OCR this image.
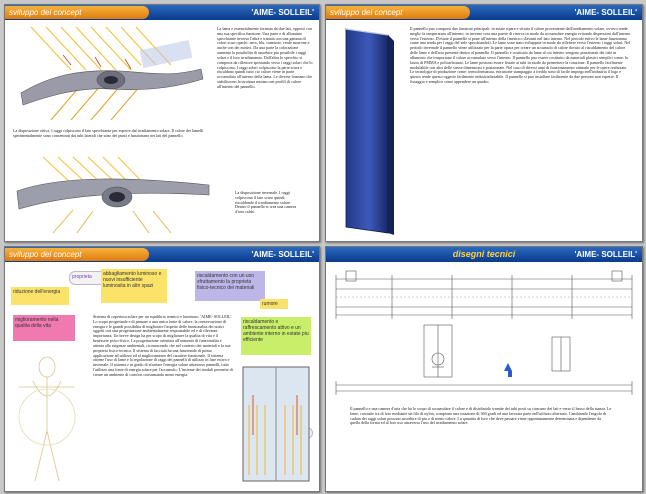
sviluppo dei concept	'AIME- SOLLEIL'
La disposizione ottiva. I raggi colpiscono il lato specchiante per esporre dal irradiamento solare. Il calore dei lamelli sperimentalmente sono concentrati dai tubi laterali che sono dei punti e funzionano nei lati del pannello.
La lama e essenzialmente formata da due lati, opposti con una sua specifica funzione. Una parte e di alluminio specchiante inverso l'altra e trattata con una gamma di colori scuri opachi: nero, blu, carminio, verde marrone e anche con dei motivi. Da una parte la colorazione aumenta la possibilita di assorbire piu possibile i raggi solari e il loro irradiamento. Dall'altra lo specchio si comporta da riflettore spostando verso i raggi solari che lo colpiscono. I raggi solari colpiscono la parte scura e riscaldano quindi tutto cio calore viene in parte accumulato all'interno della lama. Le diverse formano che stabiliscono la struttura mutano nei profili di calore all'interno del pannello.
La disposizione invernale. I raggi colpiscono il lato scuro quindi riscaldando il irradiamento solare. Dentro il pannello si crea una camera d'aria calda.
sviluppo dei concept	'AIME- SOLLEIL'
Il pannello puo comporsi due funzioni principali: in estate ripara e sfrutta il calore proveniente dall'irradiamento solare, ovvero rende meglio la temperatura all'interno; in inverno crea una parete di riserva in modo da accumulare energia evitando dispersioni dall'interno verso l'esterno. D'estate il pannello si pone all'interno della finestra o d'avanti nel lato interno. Nel periodo estivo le lame funzionano come una tenda per i raggi del sole specchiandoli. Le lame sono stato sviluppate in modo da riflettere verso l'esterno i raggi solari. Nel periodo invernale il pannello viene utilizzato per la parte opaca per creare un accumulo di calore dovuto al riscaldamento del calore delle lame e dell'aria presente dentro al pannello. Il pannello e costituito da lame al cui interno vengono posizionati dei tubi in alluminio che trasportano il calore accumulato verso l'interno. Il pannello puo essere costituito da materiali plastici semplici come: la lastra di PMMA e policarbonato. Le lame possono essere fissate ai tubi in modo da permettere la rotazione. Il pannello facilmente modulabile con altri delle stesse dimensioni e posizionate. Nel caso di diversi anni di funzionamento ottimale per le opere realizzate. Le tecnologie di produzione come: termoformatura, estrusione stampaggio a freddo sono di facile impiego nell'industria il logo e questo rende questo oggetto facilmente industrializzabile. Il pannello si puo installare facilmente da due persone non esperte. Il fissaggio e semplice come appendere un quadro.
sviluppo dei concept	'AIME- SOLLEIL'
riduzione dell'energia
proprieta	abbagliamento luminoso e nuovi insufficiente luminosita in altri spazi
riscaldamento con un uso sfruttamento la proprieta fisico-tecnico dei materiali
miglioramento nella qualita della vita
rumore
riscaldamento e raffrescamento attivo e un ambiente interno in estate piu efficiente
Sistema di copertura solare per un equilibrio termico e luminoso. 'AIME- SOLLEIL'. Lo scopo progettuale e di pensare a una unica fonte di calore, la conservazione di energia e le grandi possibilita di migliorare l'aspetto delle funzionalita dei nostri oggetti con una progettazione ambientalmente responsabile ed e di rilevante importanza. Un breve design ha per scopo di migliorare la qualita di vita e il benessere psico-fisico. La progettazione orientata all'aumento di funzionalita e attenta alle esigenze ambientali, riconoscendo che nel contesto dei materiali e la sua proprieta fisico-tecnica. Il sistema di facciata ha una funzionale di prima applicazione ad utilizzo ed al miglioramento del carattere funzionale. Il sistema ottiene l'uso di lame e la regolazione di raggi dei pannelli di utilizzo in fase estiva e invernale. Il sistema e in grado di sfruttare l'energia solare attraverso pannelli, tutto l'utilizzo una fonte di energia solare per l'accumulo. L'insieme dei moduli permette di creare un ambiente di comfort consumando meno energia.
disegni tecnici	'AIME- SOLLEIL'
Il pannello e una camera d'aria che ha lo scopo di accumulare il calore e di distribuirlo tramite dei tubi posti su ciascuno dei lati e verso il basso della stanza. Le lame, costruite tra di loro mediante un filo di nylon, compiono una rotazione di 360 gradi ed una lavorata parte nell'utilizzo alternato. Cambiando l'angolo di caduta dei raggi solari possono assorbire di piu o di meno calore. La quantita di luce che deve passare viene opportunamente determinata e dipendente da quella della forma ed al loro uso attraverso l'uso del irradiamento solare.
